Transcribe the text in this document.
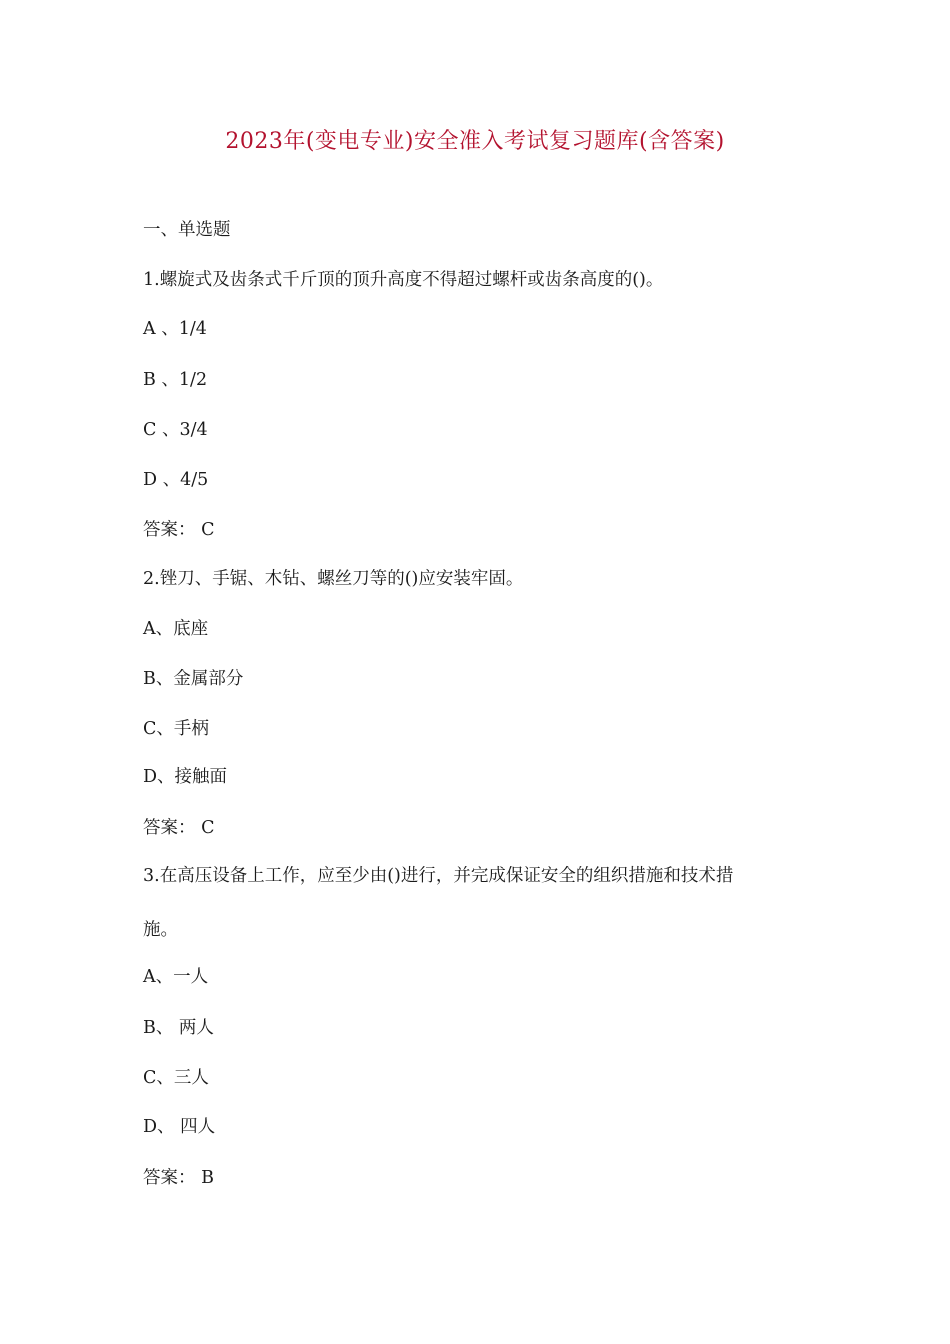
2023年(变电专业)安全准入考试复习题库(含答案)
一、单选题
1.螺旋式及齿条式千斤顶的顶升高度不得超过螺杆或齿条高度的()。
A 、1/4
B 、1/2
C 、3/4
D 、4/5
答案： C
2.锉刀、手锯、木钻、螺丝刀等的()应安装牢固。
A、底座
B、金属部分
C、手柄
D、接触面
答案： C
3.在高压设备上工作，应至少由()进行，并完成保证安全的组织措施和技术措
施。
A、一人
B、 两人
C、三人
D、 四人
答案： B
